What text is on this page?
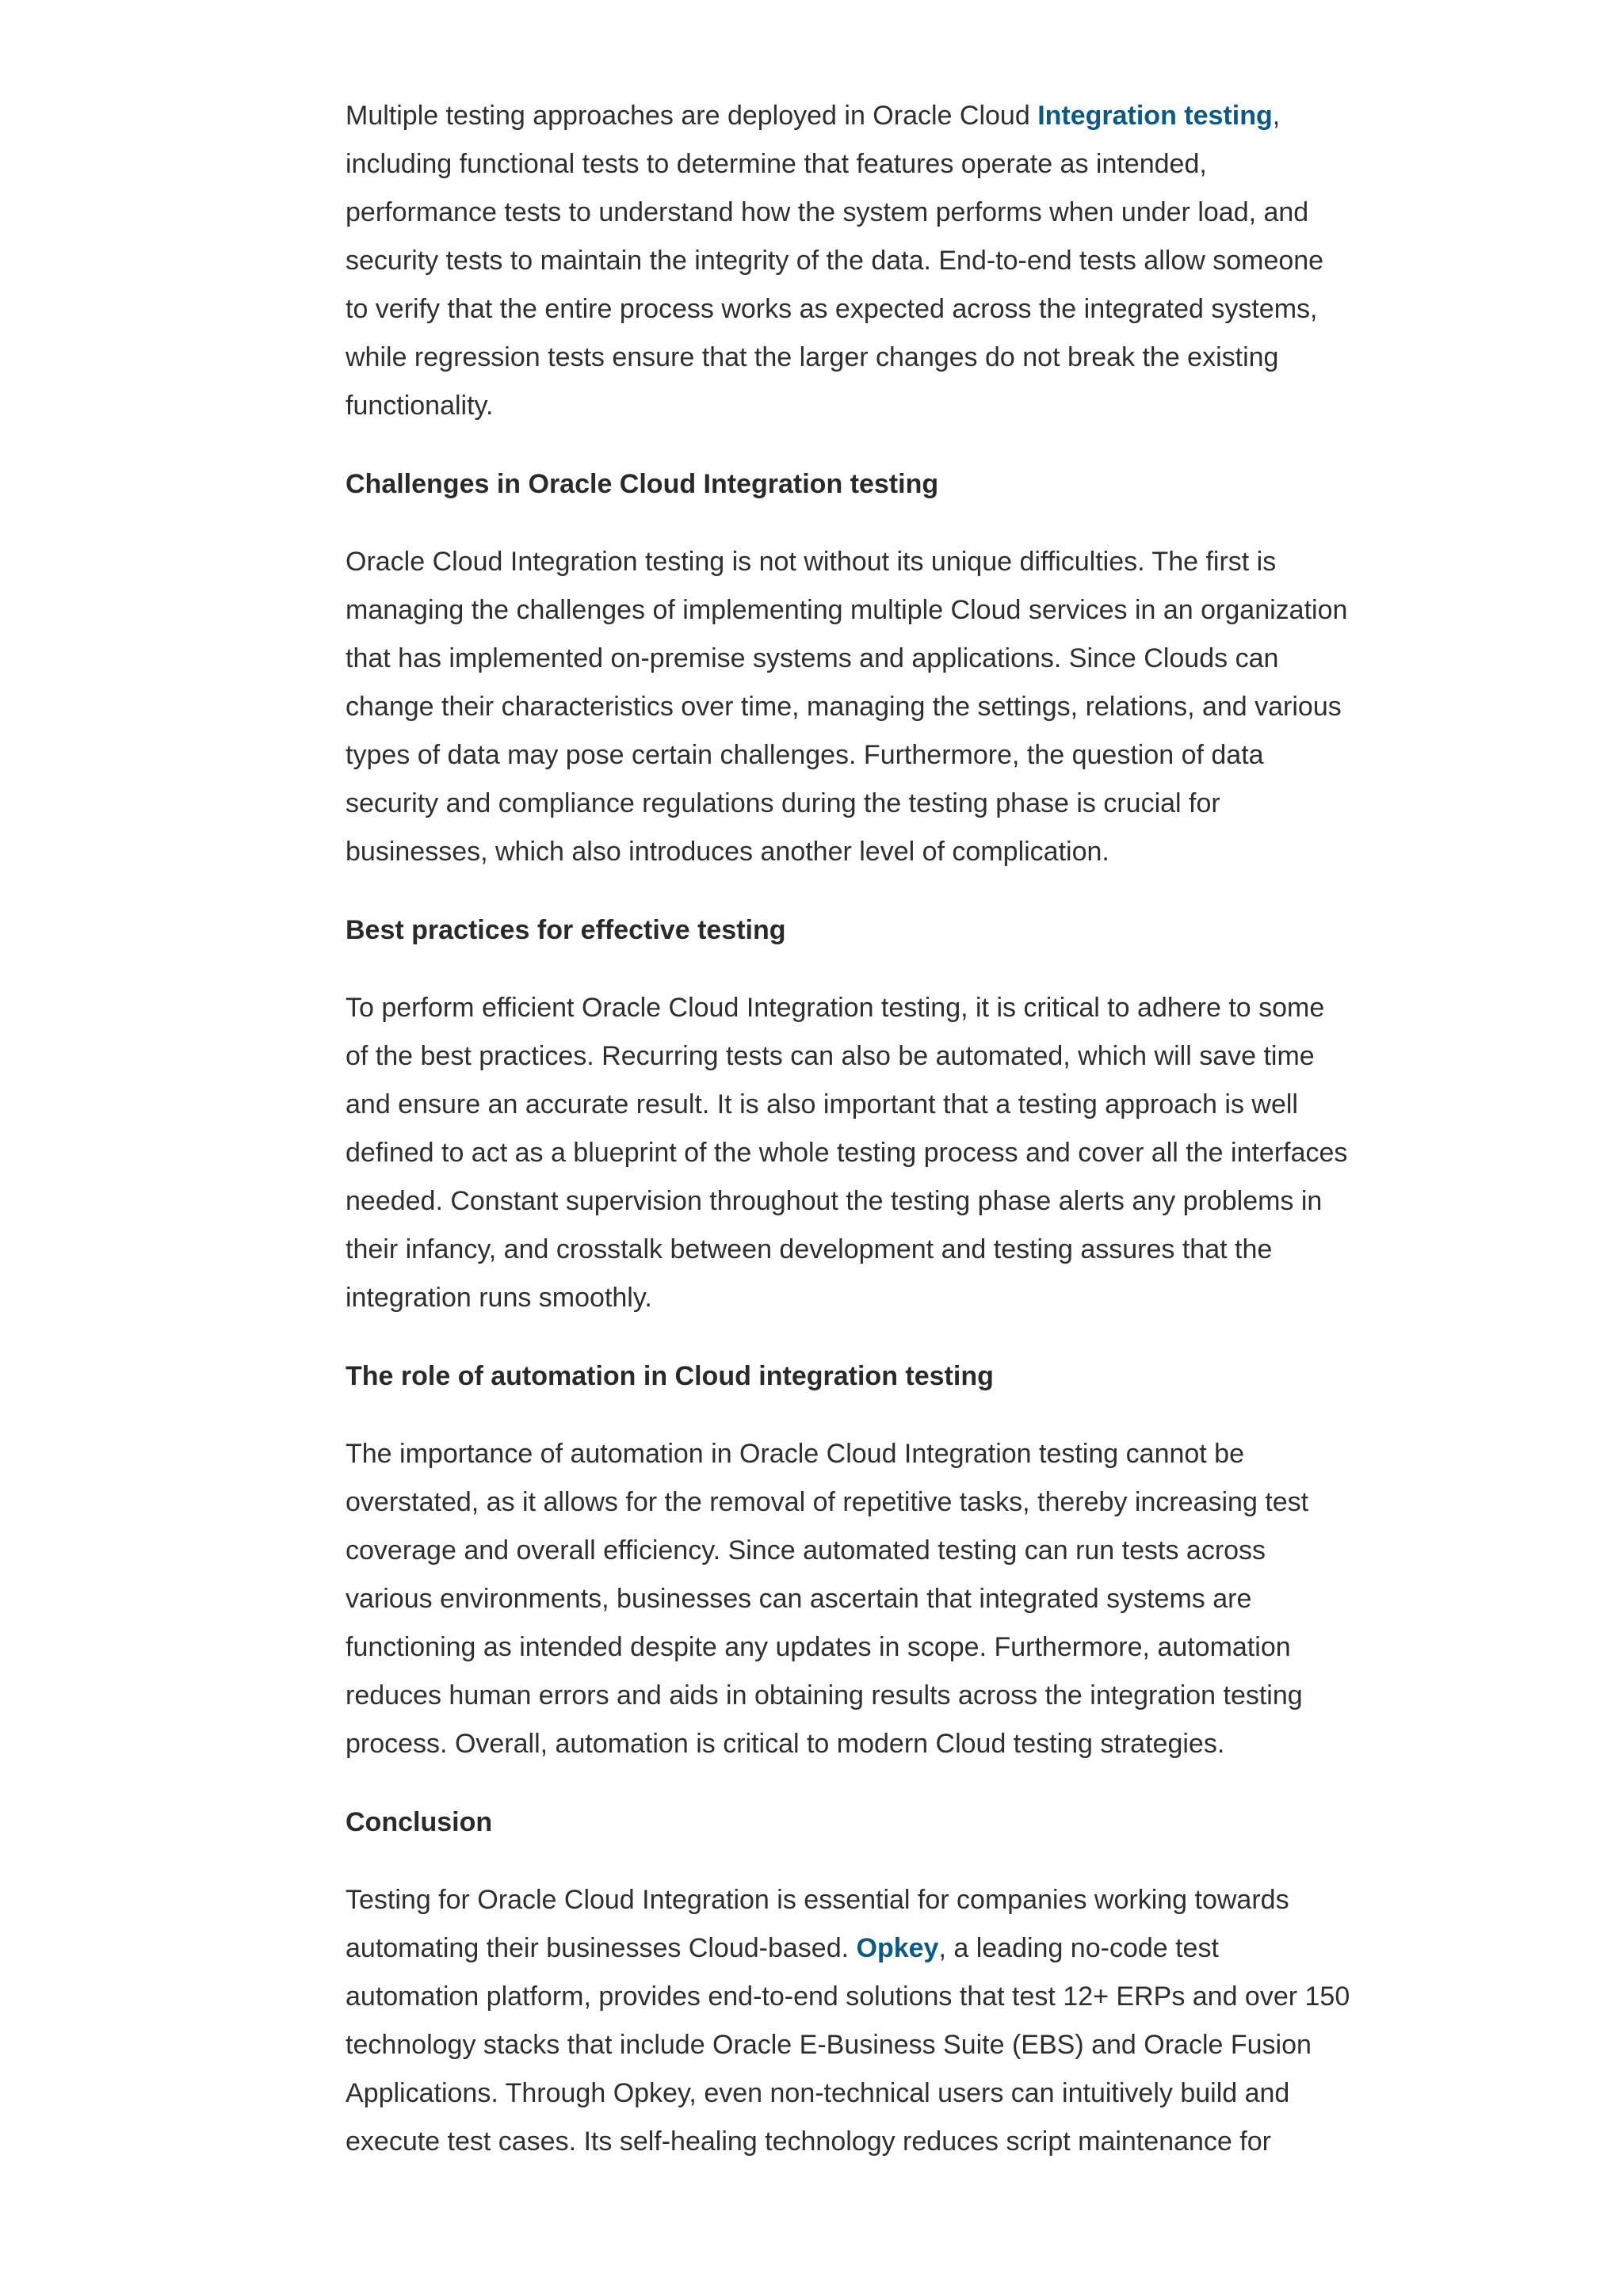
Multiple testing approaches are deployed in Oracle Cloud Integration testing, including functional tests to determine that features operate as intended, performance tests to understand how the system performs when under load, and security tests to maintain the integrity of the data. End-to-end tests allow someone to verify that the entire process works as expected across the integrated systems, while regression tests ensure that the larger changes do not break the existing functionality.

Challenges in Oracle Cloud Integration testing

Oracle Cloud Integration testing is not without its unique difficulties. The first is managing the challenges of implementing multiple Cloud services in an organization that has implemented on-premise systems and applications. Since Clouds can change their characteristics over time, managing the settings, relations, and various types of data may pose certain challenges. Furthermore, the question of data security and compliance regulations during the testing phase is crucial for businesses, which also introduces another level of complication.

Best practices for effective testing

To perform efficient Oracle Cloud Integration testing, it is critical to adhere to some of the best practices. Recurring tests can also be automated, which will save time and ensure an accurate result. It is also important that a testing approach is well defined to act as a blueprint of the whole testing process and cover all the interfaces needed. Constant supervision throughout the testing phase alerts any problems in their infancy, and crosstalk between development and testing assures that the integration runs smoothly.

The role of automation in Cloud integration testing

The importance of automation in Oracle Cloud Integration testing cannot be overstated, as it allows for the removal of repetitive tasks, thereby increasing test coverage and overall efficiency. Since automated testing can run tests across various environments, businesses can ascertain that integrated systems are functioning as intended despite any updates in scope. Furthermore, automation reduces human errors and aids in obtaining results across the integration testing process. Overall, automation is critical to modern Cloud testing strategies.

Conclusion

Testing for Oracle Cloud Integration is essential for companies working towards automating their businesses Cloud-based. Opkey, a leading no-code test automation platform, provides end-to-end solutions that test 12+ ERPs and over 150 technology stacks that include Oracle E-Business Suite (EBS) and Oracle Fusion Applications. Through Opkey, even non-technical users can intuitively build and execute test cases. Its self-healing technology reduces script maintenance for
